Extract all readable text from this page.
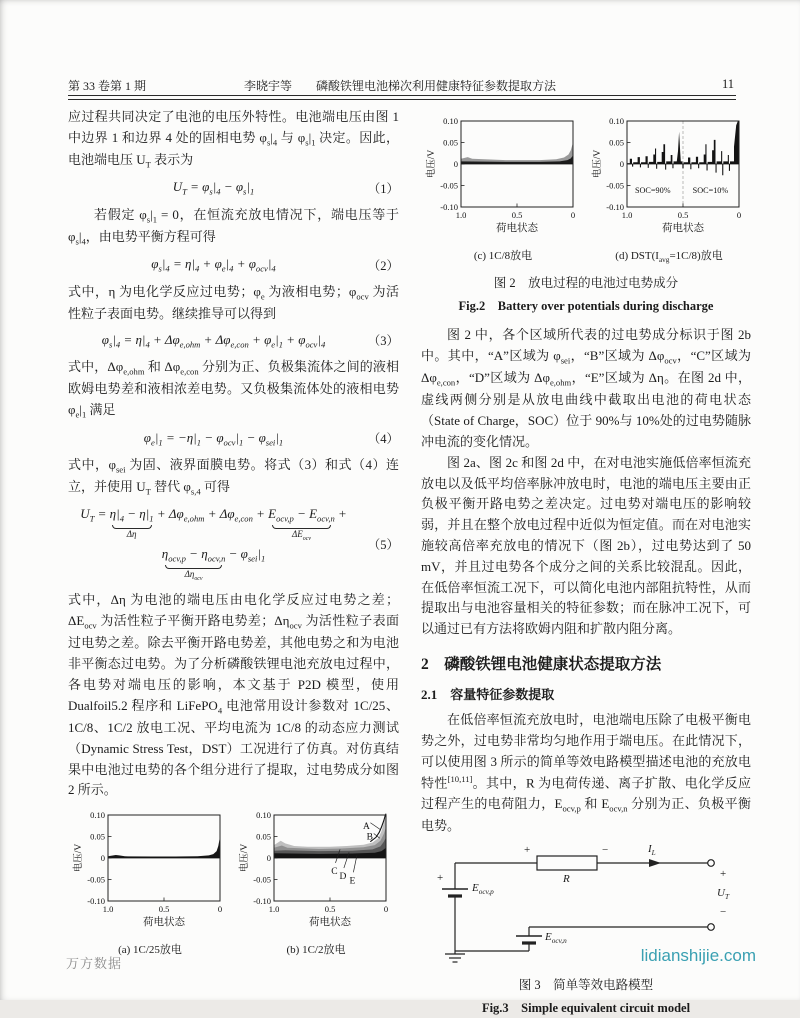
第 33 卷第 1 期	李晓宇等　　磷酸铁锂电池梯次利用健康特征参数提取方法	11

应过程共同决定了电池的电压外特性。电池端电压由图 1 中边界 1 和边界 4 处的固相电势 $\varphi_s|_4$ 与 $\varphi_s|_1$ 决定。因此，电池端电压 $U_T$ 表示为

$U_T = \varphi_s|_4 - \varphi_s|_1$	（1）

若假定 $\varphi_s|_1 = 0$，在恒流充放电情况下，端电压等于 $\varphi_s|_4$，由电势平衡方程可得

$\varphi_s|_4 = \eta|_4 + \varphi_e|_4 + \varphi_{ocv}|_4$	（2）

式中，η 为电化学反应过电势；$\varphi_e$ 为液相电势；$\varphi_{ocv}$ 为活性粒子表面电势。继续推导可以得到

$\varphi_s|_4 = \eta|_4 + \Delta\varphi_{e,ohm} + \Delta\varphi_{e,con} + \varphi_e|_1 + \varphi_{ocv}|_4$	（3）

式中，$\Delta\varphi_{e,ohm}$ 和 $\Delta\varphi_{e,con}$ 分别为正、负极集流体之间的液相欧姆电势差和液相浓差电势。又负极集流体处的液相电势 $\varphi_e|_1$ 满足

$\varphi_e|_1 = -\eta|_1 - \varphi_{ocv}|_1 - \varphi_{sei}|_1$	（4）

式中，$\varphi_{sei}$ 为固、液界面膜电势。将式（3）和式（4）连立，并使用 $U_T$ 替代 $\varphi_{s,4}$ 可得

$U_T = \eta|_4 - \eta|_1$
Δη
+ $\Delta\varphi_{e,ohm} + \Delta\varphi_{e,con} + E_{ocv,p} - E_{ocv,n}$
$\Delta E_{ocv}$
+
$\eta_{ocv,p} - \eta_{ocv,n}$
$\Delta\eta_{ocv}$
− $\varphi_{sei}|_1$
（5）

式中，Δη 为电池的端电压由电化学反应过电势之差；$\Delta E_{ocv}$ 为活性粒子平衡开路电势差；$\Delta\eta_{ocv}$ 为活性粒子表面过电势之差。除去平衡开路电势差，其他电势之和为电池非平衡态过电势。为了分析磷酸铁锂电池充放电过程中，各电势对端电压的影响，本文基于 P2D 模型，使用 Dualfoil5.2 程序和 LiFePO$_4$ 电池常用设计参数对 1C/25、1C/8、1C/2 放电工况、平均电流为 1C/8 的动态应力测试（Dynamic Stress Test，DST）工况进行了仿真。对仿真结果中电池过电势的各个组分进行了提取，过电势成分如图 2 所示。

0.10
0.05
0
-0.05
-0.10
1.0	0.5	0
电压/V
荷电状态
(a) 1C/25放电
A
B
C
D E
0.10
0.05
0
-0.05
-0.10
1.0	0.5	0
电压/V
荷电状态
(b) 1C/2放电
0.10
0.05
0
-0.05
-0.10
1.0	0.5	0
电压/V
荷电状态
(c) 1C/8放电
SOC=90%	SOC=10%
0.10
0.05
0
-0.05
-0.10
1.0	0.5	0
电压/V
荷电状态
(d) $DST(I_{avg}=1C/8)$放电
图 2　放电过程的电池过电势成分
Fig.2　Battery over potentials during discharge

图 2 中，各个区域所代表的过电势成分标识于图 2b 中。其中，“A”区域为 $\varphi_{sei}$，“B”区域为 $\Delta\varphi_{ocv}$，“C”区域为 $\Delta\varphi_{e,con}$，“D”区域为 $\Delta\varphi_{e,ohm}$，“E”区域为 Δη。在图 2d 中，虚线两侧分别是从放电曲线中截取出电池的荷电状态（State of Charge，SOC）位于 90%与 10%处的过电势随脉冲电流的变化情况。

图 2a、图 2c 和图 2d 中，在对电池实施低倍率恒流充放电以及低平均倍率脉冲放电时，电池的端电压主要由正负极平衡开路电势之差决定。过电势对端电压的影响较弱，并且在整个放电过程中近似为恒定值。而在对电池实施较高倍率充放电的情况下（图 2b），过电势达到了 50 mV，并且过电势各个成分之间的关系比较混乱。因此，在低倍率恒流工况下，可以简化电池内部阻抗特性，从而提取出与电池容量相关的特征参数；而在脉冲工况下，可以通过已有方法将欧姆内阻和扩散内阻分离。

2　磷酸铁锂电池健康状态提取方法

2.1　容量特征参数提取

在低倍率恒流充放电时，电池端电压除了电极平衡电势之外，过电势非常均匀地作用于端电压。在此情况下，可以使用图 3 所示的简单等效电路模型描述电池的充放电特性[10,11]。其中，R 为电荷传递、离子扩散、电化学反应过程产生的电荷阻力，$E_{ocv,p}$ 和 $E_{ocv,n}$ 分别为正、负极平衡电势。

+
$E_{ocv,p}$
+
R
−	$I_L$
+
$U_T$
−
$E_{ocv,n}$
图 3　简单等效电路模型
Fig.3　Simple equivalent circuit model
万方数据	lidianshijie.com
